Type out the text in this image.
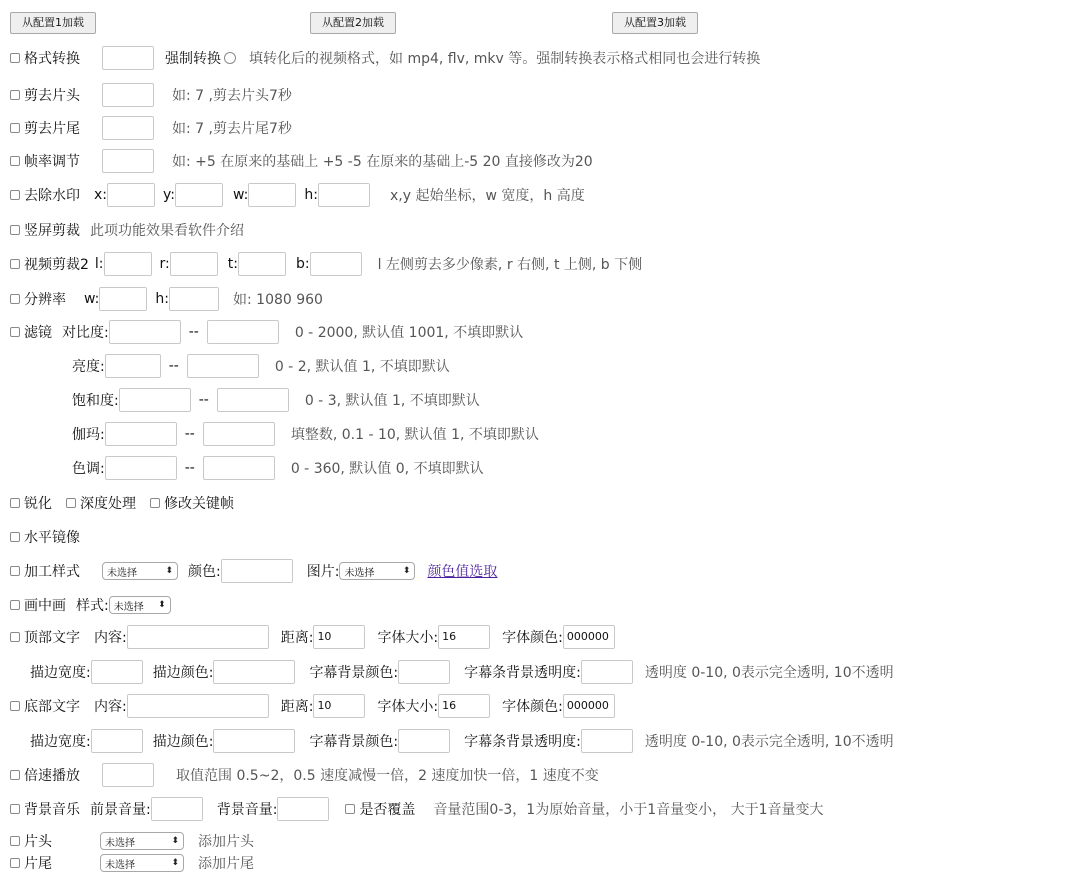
从配置1加载	从配置2加载	从配置3加载
格式转换	强制转换 填转化后的视频格式，如 mp4, flv, mkv 等。强制转换表示格式相同也会进行转换
剪去片头	如: 7 ,剪去片头7秒
剪去片尾	如: 7 ,剪去片尾7秒
帧率调节	如: +5 在原来的基础上 +5 -5 在原来的基础上-5 20 直接修改为20
去除水印 x:	y:	w:	h:	x,y 起始坐标，w 宽度，h 高度
竖屏剪裁 此项功能效果看软件介绍
视频剪裁2 l:	r:	t:	b:	l 左侧剪去多少像素, r 右侧, t 上侧, b 下侧
分辨率 w:	h:	如: 1080 960
滤镜 对比度:	--	0 - 2000, 默认值 1001, 不填即默认
亮度:	--	0 - 2, 默认值 1, 不填即默认
饱和度:	--	0 - 3, 默认值 1, 不填即默认
伽玛:	--	填整数, 0.1 - 10, 默认值 1, 不填即默认
色调:	--	0 - 360, 默认值 0, 不填即默认
锐化 深度处理 修改关键帧
水平镜像
加工样式	未选择	⬍ 颜色:	图片: 未选择	⬍ 颜色值选取
画中画 样式: 未选择 ⬍
顶部文字 内容:	距离: 10	字体大小: 16	字体颜色: 000000
描边宽度:	描边颜色:	字幕背景颜色:	字幕条背景透明度:	透明度 0-10, 0表示完全透明, 10不透明
底部文字 内容:	距离: 10	字体大小: 16	字体颜色: 000000
描边宽度:	描边颜色:	字幕背景颜色:	字幕条背景透明度:	透明度 0-10, 0表示完全透明, 10不透明
倍速播放	取值范围 0.5~2，0.5 速度减慢一倍，2 速度加快一倍，1 速度不变
背景音乐 前景音量:	背景音量:	是否覆盖 音量范围0-3，1为原始音量，小于1音量变小， 大于1音量变大
片头	未选择	⬍ 添加片头
片尾	未选择	⬍ 添加片尾
